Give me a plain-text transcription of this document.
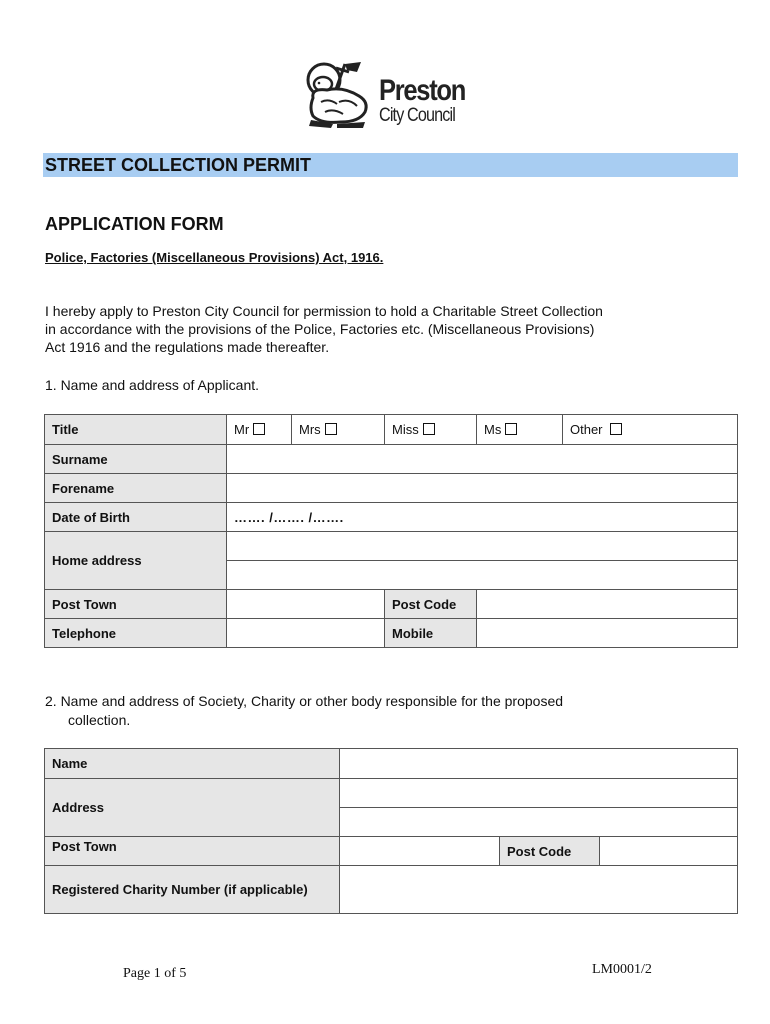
Preston
City Council
STREET COLLECTION PERMIT
APPLICATION FORM
Police, Factories (Miscellaneous Provisions) Act, 1916.
I hereby apply to Preston City Council for permission to hold a Charitable Street Collection
in accordance with the provisions of the Police, Factories etc. (Miscellaneous Provisions)
Act 1916 and the regulations made thereafter.
1. Name and address of Applicant.
Title	Mr	Mrs	Miss	Ms	Other
Surname					
Forename					
Date of Birth	……. /……. /…….				
Home address					

Post Town			Post Code		
Telephone			Mobile		
2. Name and address of Society, Charity or other body responsible for the proposed
collection.
Name			
Address			

Post Town		Post Code	
Registered Charity Number (if applicable)			
Page 1 of 5	LM0001/2
